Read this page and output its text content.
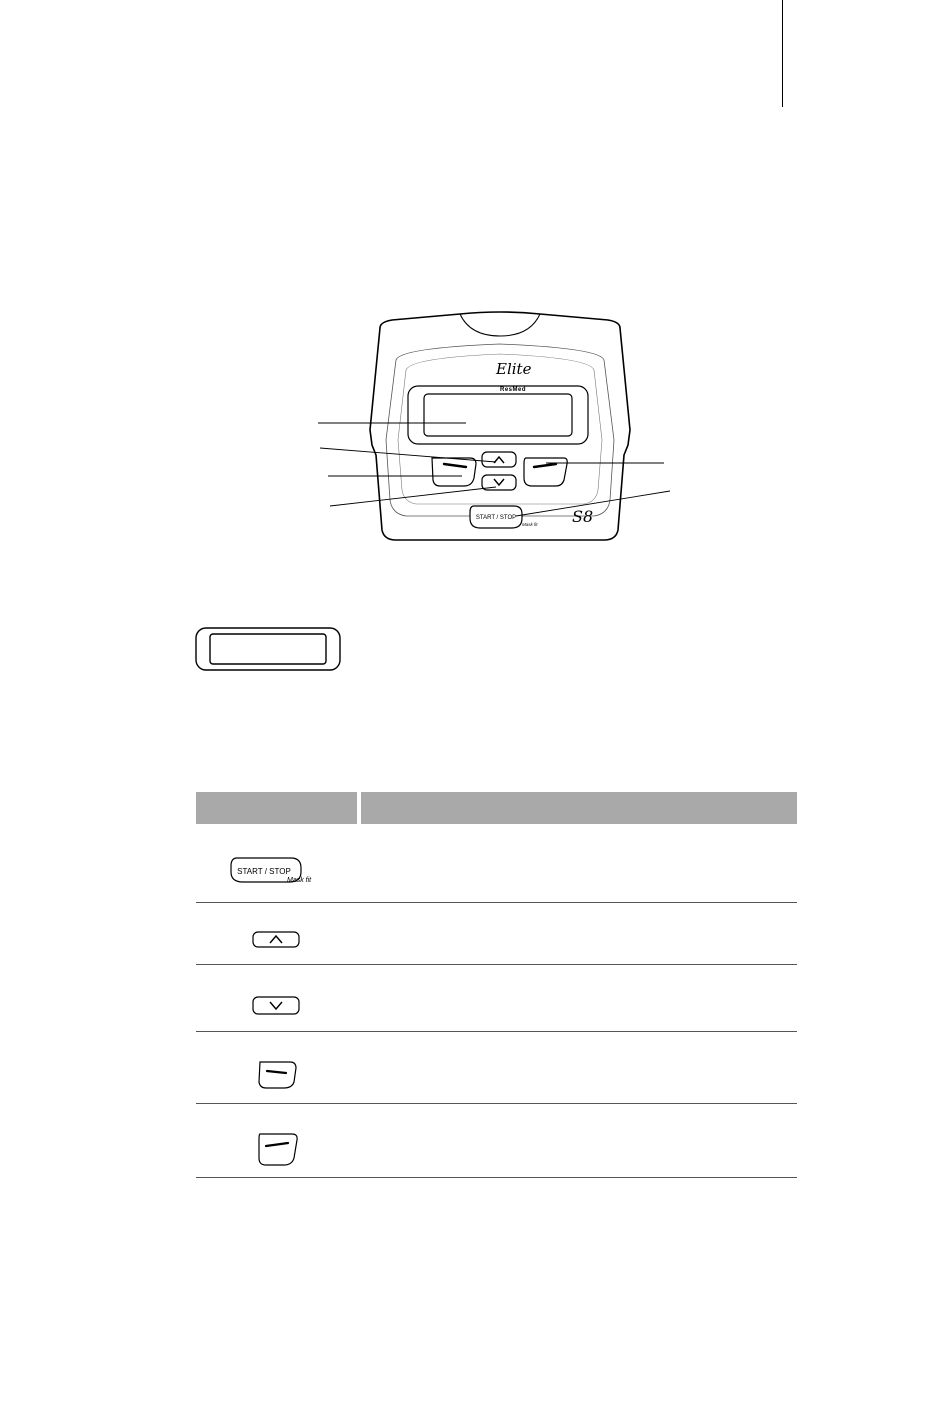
Elite
ResMed
START / STOP
Mask fit S8
START / STOP
Mask fit
